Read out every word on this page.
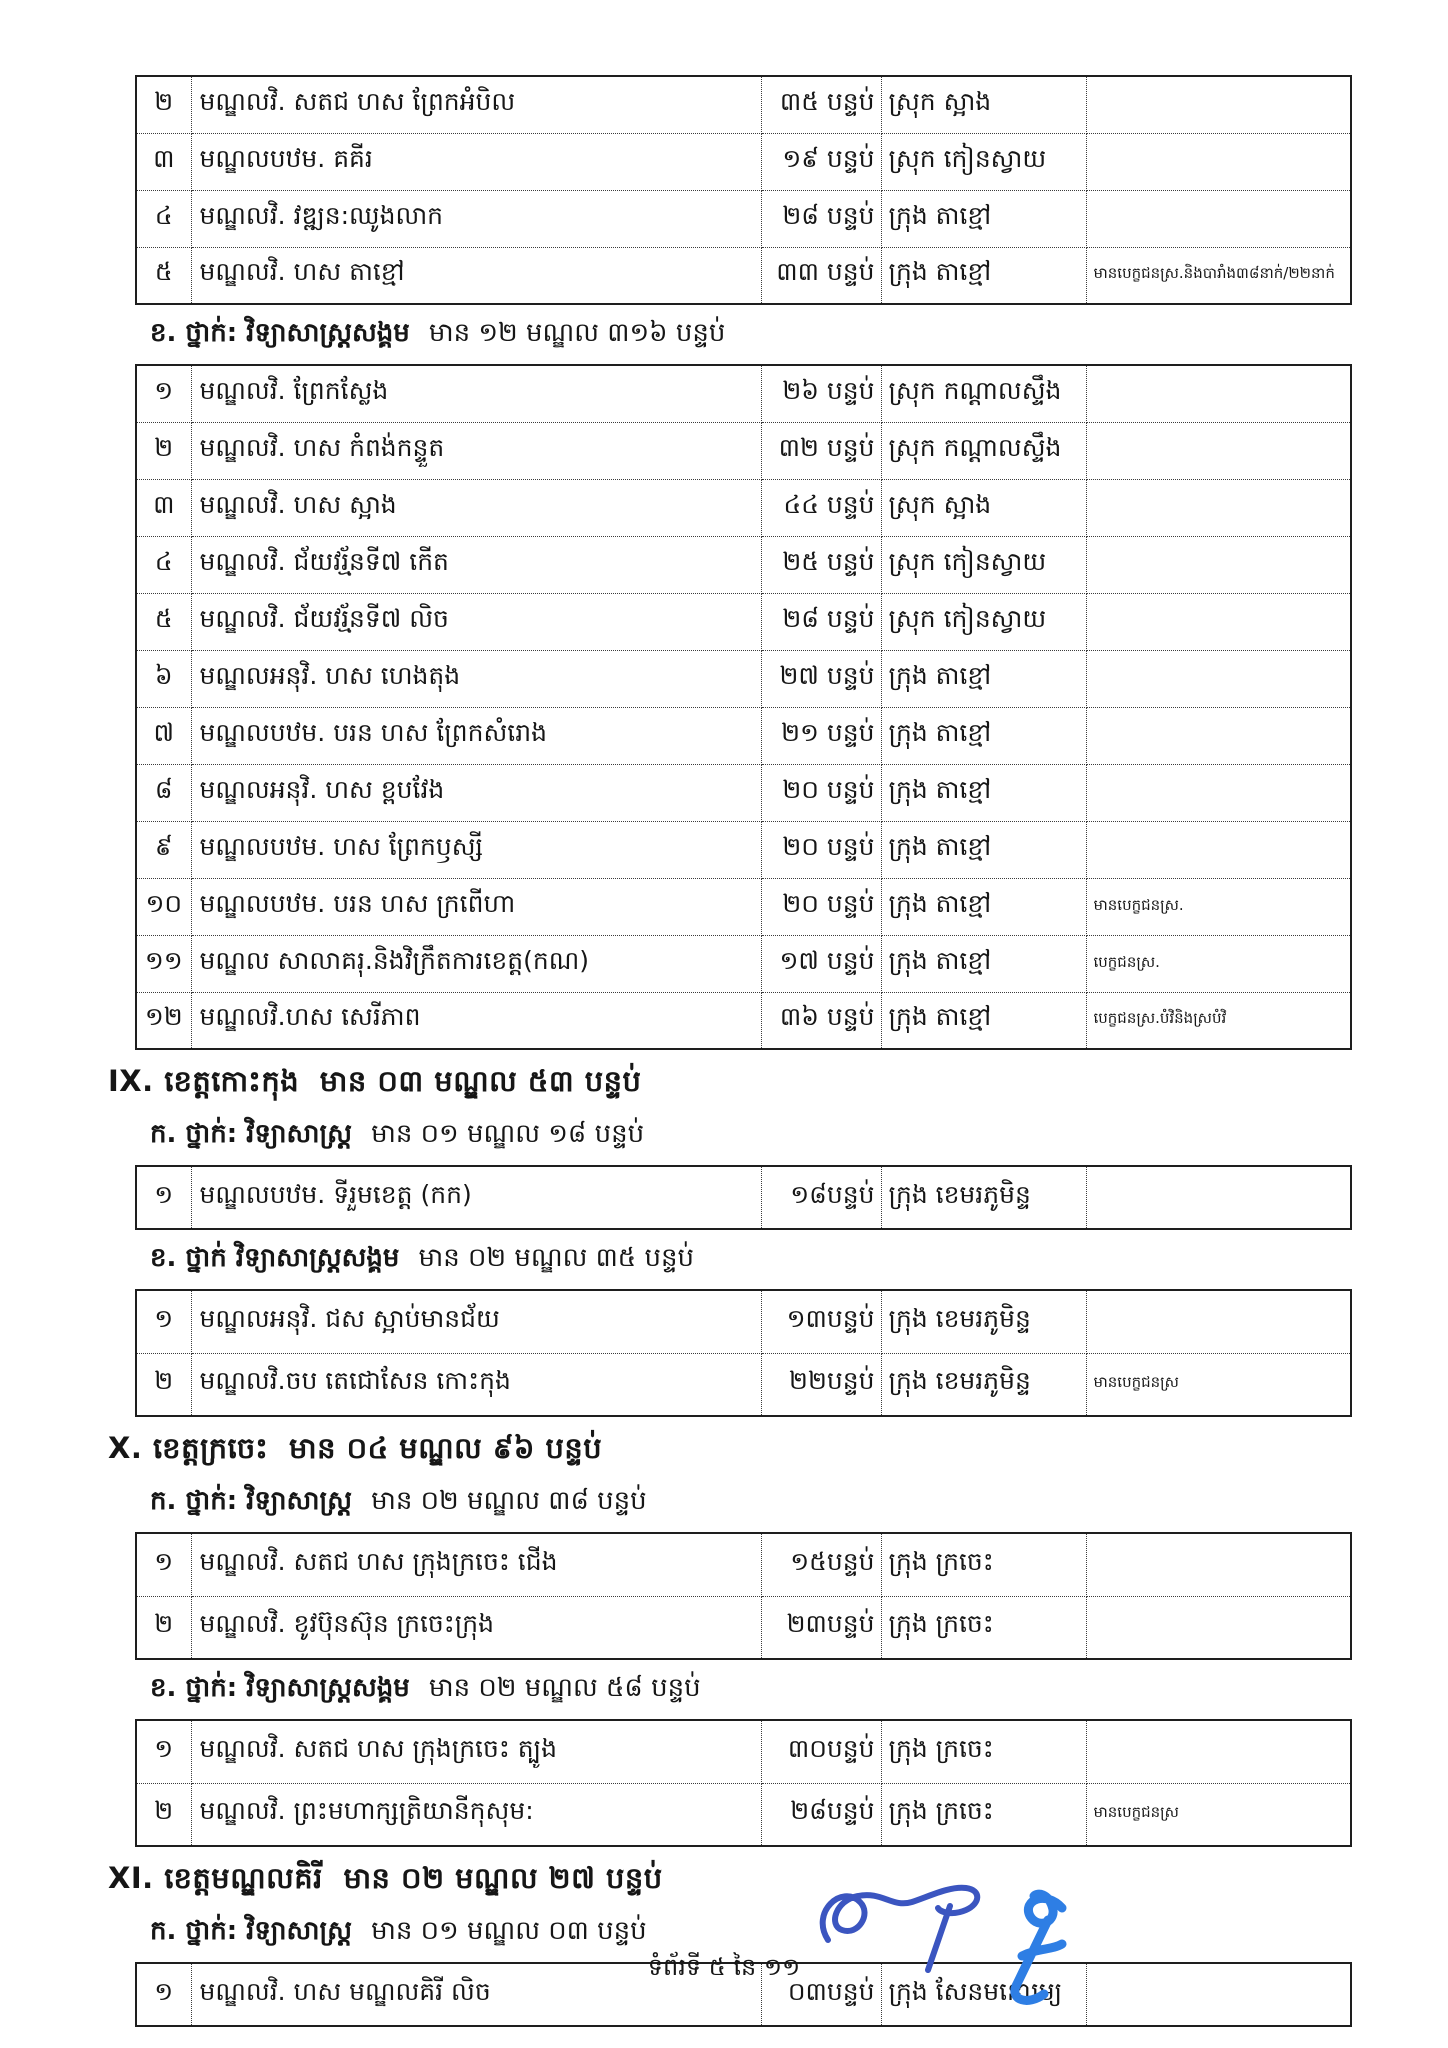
២	មណ្ឌលវិ. សតជ ហស ព្រែកអំបិល	៣៥ បន្ទប់	ស្រុក ស្អាង	
៣	មណ្ឌលបឋម. គគីរ	១៩ បន្ទប់	ស្រុក កៀនស្វាយ	
៤	មណ្ឌលវិ. វឌ្ឍន:ឈូងលាក	២៨ បន្ទប់	ក្រុង តាខ្មៅ	
៥	មណ្ឌលវិ. ហស តាខ្មៅ	៣៣ បន្ទប់	ក្រុង តាខ្មៅ	មានបេក្ខជនស្រ.និងបារាំង៣៨នាក់/២២នាក់
ខ. ថ្នាក់: វិទ្យាសាស្ត្រសង្គម មាន ១២ មណ្ឌល ៣១៦ បន្ទប់
១	មណ្ឌលវិ. ព្រែកស្លែង	២៦ បន្ទប់	ស្រុក កណ្តាលស្ទឹង	
២	មណ្ឌលវិ. ហស កំពង់កន្ទួត	៣២ បន្ទប់	ស្រុក កណ្តាលស្ទឹង	
៣	មណ្ឌលវិ. ហស ស្អាង	៤៤ បន្ទប់	ស្រុក ស្អាង	
៤	មណ្ឌលវិ. ជ័យវរ្ម័នទី៧ កើត	២៥ បន្ទប់	ស្រុក កៀនស្វាយ	
៥	មណ្ឌលវិ. ជ័យវរ្ម័នទី៧ លិច	២៨ បន្ទប់	ស្រុក កៀនស្វាយ	
៦	មណ្ឌលអនុវិ. ហស ហេងតុង	២៧ បន្ទប់	ក្រុង តាខ្មៅ	
៧	មណ្ឌលបឋម. បរន ហស ព្រែកសំរោង	២១ បន្ទប់	ក្រុង តាខ្មៅ	
៨	មណ្ឌលអនុវិ. ហស ខ្ពបវែង	២០ បន្ទប់	ក្រុង តាខ្មៅ	
៩	មណ្ឌលបឋម. ហស ព្រែកឫស្សី	២០ បន្ទប់	ក្រុង តាខ្មៅ	
១០	មណ្ឌលបឋម. បរន ហស ក្រពើហា	២០ បន្ទប់	ក្រុង តាខ្មៅ	មានបេក្ខជនស្រ.
១១	មណ្ឌល សាលាគរុ.និងវិក្រឹតការខេត្ត(កណ)	១៧ បន្ទប់	ក្រុង តាខ្មៅ	បេក្ខជនស្រ.
១២	មណ្ឌលវិ.ហស សេរីភាព	៣៦ បន្ទប់	ក្រុង តាខ្មៅ	បេក្ខជនស្រ.បំវិនិងស្របំវិ
IX. ខេត្តកោះកុង មាន ០៣ មណ្ឌល ៥៣ បន្ទប់
ក. ថ្នាក់: វិទ្យាសាស្ត្រ មាន ០១ មណ្ឌល ១៨ បន្ទប់
១	មណ្ឌលបឋម. ទីរួមខេត្ត (កក)	១៨បន្ទប់	ក្រុង ខេមរភូមិន្ទ	
ខ. ថ្នាក់ វិទ្យាសាស្ត្រសង្គម មាន ០២ មណ្ឌល ៣៥ បន្ទប់
១	មណ្ឌលអនុវិ. ជស ស្អាប់មានជ័យ	១៣បន្ទប់	ក្រុង ខេមរភូមិន្ទ	
២	មណ្ឌលវិ.ចប តេជោសែន កោះកុង	២២បន្ទប់	ក្រុង ខេមរភូមិន្ទ	មានបេក្ខជនស្រ
X. ខេត្តក្រចេះ មាន ០៤ មណ្ឌល ៩៦ បន្ទប់
ក. ថ្នាក់: វិទ្យាសាស្ត្រ មាន ០២ មណ្ឌល ៣៨ បន្ទប់
១	មណ្ឌលវិ. សតជ ហស ក្រុងក្រចេះ ជើង	១៥បន្ទប់	ក្រុង ក្រចេះ	
២	មណ្ឌលវិ. ខូវប៊ុនស៊ុន ក្រចេះក្រុង	២៣បន្ទប់	ក្រុង ក្រចេះ	
ខ. ថ្នាក់: វិទ្យាសាស្ត្រសង្គម មាន ០២ មណ្ឌល ៥៨ បន្ទប់
១	មណ្ឌលវិ. សតជ ហស ក្រុងក្រចេះ ត្បូង	៣០បន្ទប់	ក្រុង ក្រចេះ	
២	មណ្ឌលវិ. ព្រះមហាក្សត្រិយានីកុសុម:	២៨បន្ទប់	ក្រុង ក្រចេះ	មានបេក្ខជនស្រ
XI. ខេត្តមណ្ឌលគិរី មាន ០២ មណ្ឌល ២៧ បន្ទប់
ក. ថ្នាក់: វិទ្យាសាស្ត្រ មាន ០១ មណ្ឌល ០៣ បន្ទប់
១	មណ្ឌលវិ. ហស មណ្ឌលគិរី លិច	០៣បន្ទប់	ក្រុង សែនមនោរម្យ	
ទំព័រទី ៥ នៃ ១១
